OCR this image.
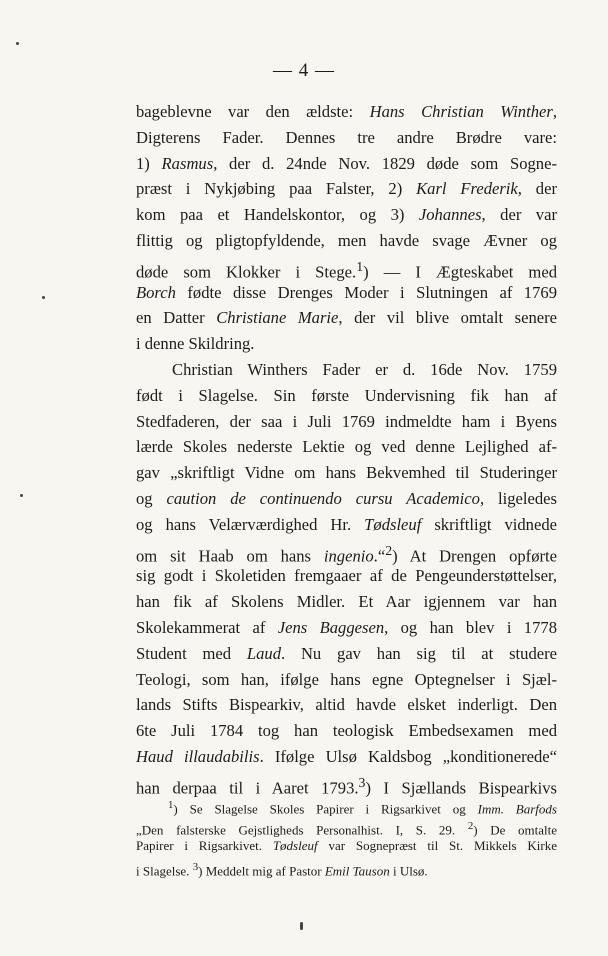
— 4 —
bageblevne var den ældste: Hans Christian Winther,
Digterens Fader. Dennes tre andre Brødre vare:
1) Rasmus, der d. 24nde Nov. 1829 døde som Sogne-
præst i Nykjøbing paa Falster, 2) Karl Frederik, der
kom paa et Handelskontor, og 3) Johannes, der var
flittig og pligtopfyldende, men havde svage Ævner og
døde som Klokker i Stege.$^1$) — I Ægteskabet med
Borch fødte disse Drenges Moder i Slutningen af 1769
en Datter Christiane Marie, der vil blive omtalt senere
i denne Skildring.
Christian Winthers Fader er d. 16de Nov. 1759
født i Slagelse. Sin første Undervisning fik han af
Stedfaderen, der saa i Juli 1769 indmeldte ham i Byens
lærde Skoles nederste Lektie og ved denne Lejlighed af-
gav „skriftligt Vidne om hans Bekvemhed til Studeringer
og caution de continuendo cursu Academico, ligeledes
og hans Velærværdighed Hr. Tødsleuf skriftligt vidnede
om sit Haab om hans ingenio.“$^2$) At Drengen opførte
sig godt i Skoletiden fremgaaer af de Pengeunderstøttelser,
han fik af Skolens Midler. Et Aar igjennem var han
Skolekammerat af Jens Baggesen, og han blev i 1778
Student med Laud. Nu gav han sig til at studere
Teologi, som han, ifølge hans egne Optegnelser i Sjæl-
lands Stifts Bispearkiv, altid havde elsket inderligt. Den
6te Juli 1784 tog han teologisk Embedsexamen med
Haud illaudabilis. Ifølge Ulsø Kaldsbog „konditionerede“
han derpaa til i Aaret 1793.$^3$) I Sjællands Bispearkivs
$^1$) Se Slagelse Skoles Papirer i Rigsarkivet og Imm. Barfods
„Den falsterske Gejstligheds Personalhist. I, S. 29. $^2$) De omtalte
Papirer i Rigsarkivet. Tødsleuf var Sognepræst til St. Mikkels Kirke
i Slagelse. $^3$) Meddelt mig af Pastor Emil Tauson i Ulsø.
